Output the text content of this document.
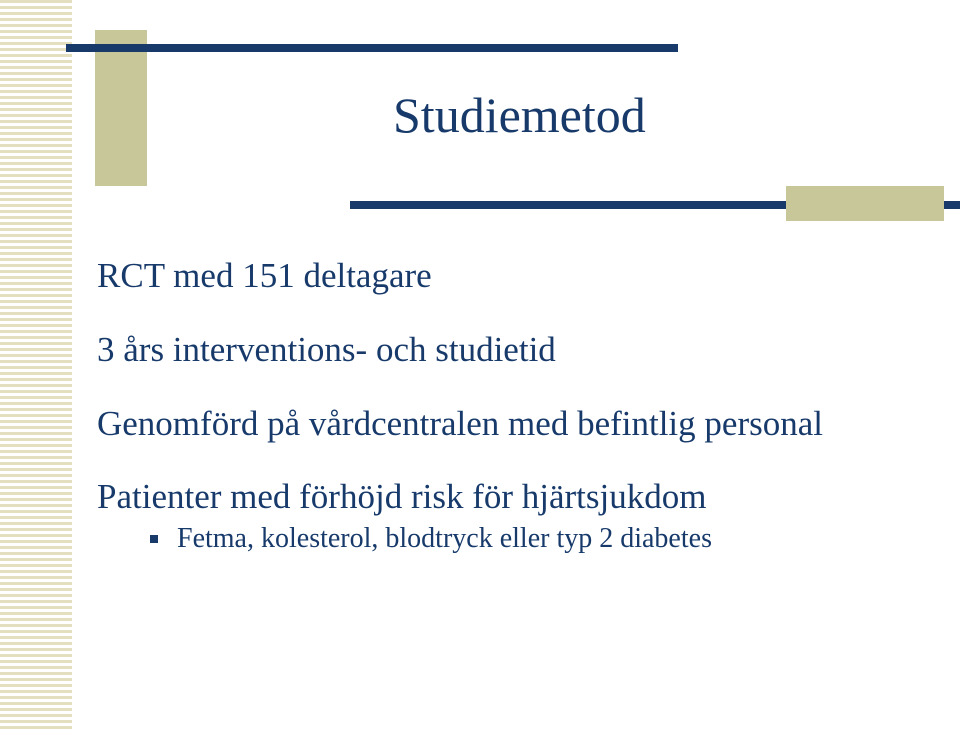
Studiemetod

RCT med 151 deltagare

3 års interventions- och studietid

Genomförd på vårdcentralen med befintlig personal

Patienter med förhöjd risk för hjärtsjukdom

Fetma, kolesterol, blodtryck eller typ 2 diabetes
